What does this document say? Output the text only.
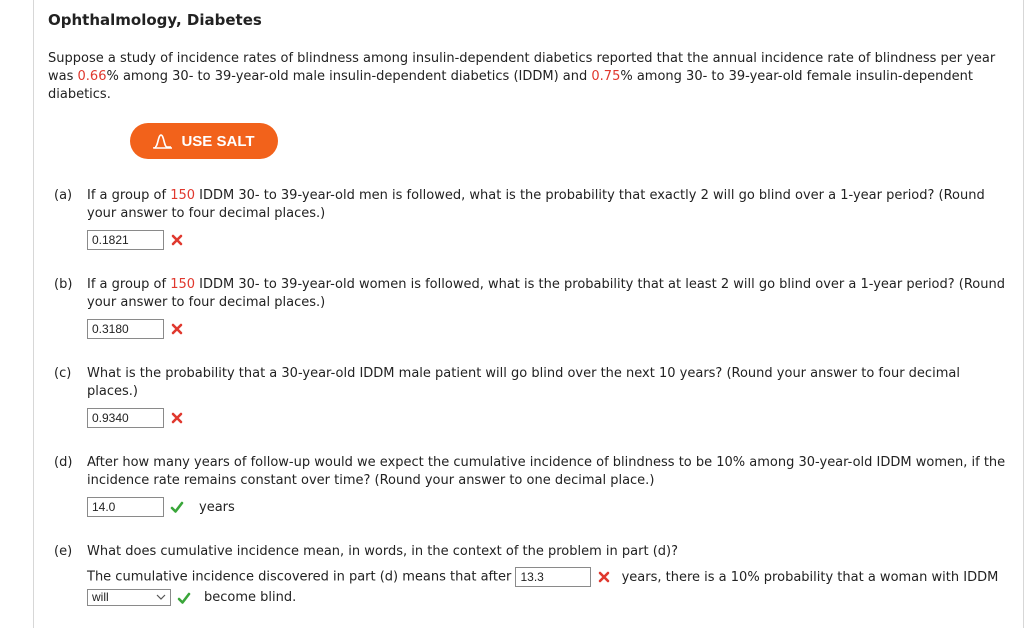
Ophthalmology, Diabetes
Suppose a study of incidence rates of blindness among insulin-dependent diabetics reported that the annual incidence rate of blindness per year was 0.66% among 30- to 39-year-old male insulin-dependent diabetics (IDDM) and 0.75% among 30- to 39-year-old female insulin-dependent diabetics.
USE SALT
(a) If a group of 150 IDDM 30- to 39-year-old men is followed, what is the probability that exactly 2 will go blind over a 1-year period? (Round your answer to four decimal places.)
0.1821
(b) If a group of 150 IDDM 30- to 39-year-old women is followed, what is the probability that at least 2 will go blind over a 1-year period? (Round your answer to four decimal places.)
0.3180
(c) What is the probability that a 30-year-old IDDM male patient will go blind over the next 10 years? (Round your answer to four decimal places.)
0.9340
(d) After how many years of follow-up would we expect the cumulative incidence of blindness to be 10% among 30-year-old IDDM women, if the incidence rate remains constant over time? (Round your answer to one decimal place.)
14.0	years
(e) What does cumulative incidence mean, in words, in the context of the problem in part (d)?
The cumulative incidence discovered in part (d) means that after 13.3	years, there is a 10% probability that a woman with IDDM
will	become blind.
